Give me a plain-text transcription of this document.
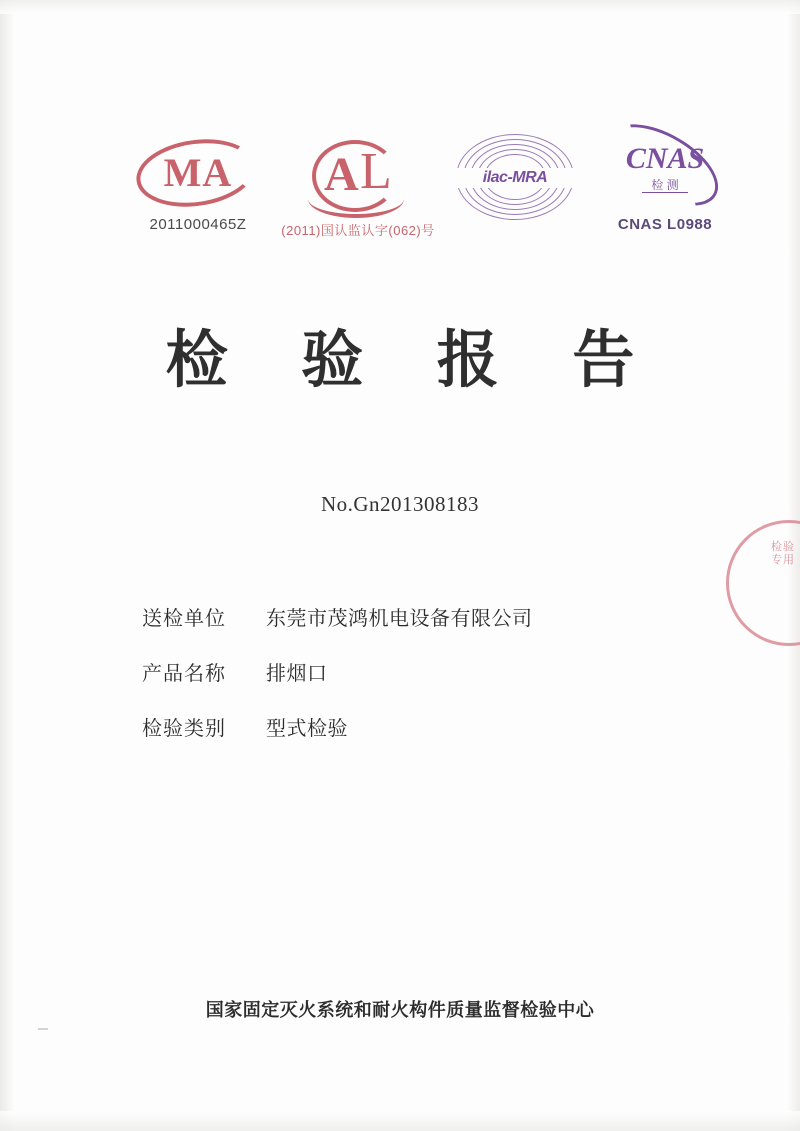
MA
2011000465Z
A L
(2011)国认监认字(062)号
ilac-MRA
CNAS
检 测
CNAS L0988
检 验 报 告
No.Gn201308183
送检单位	东莞市茂鸿机电设备有限公司
产品名称	排烟口
检验类别	型式检验
检验专用
国家固定灭火系统和耐火构件质量监督检验中心
